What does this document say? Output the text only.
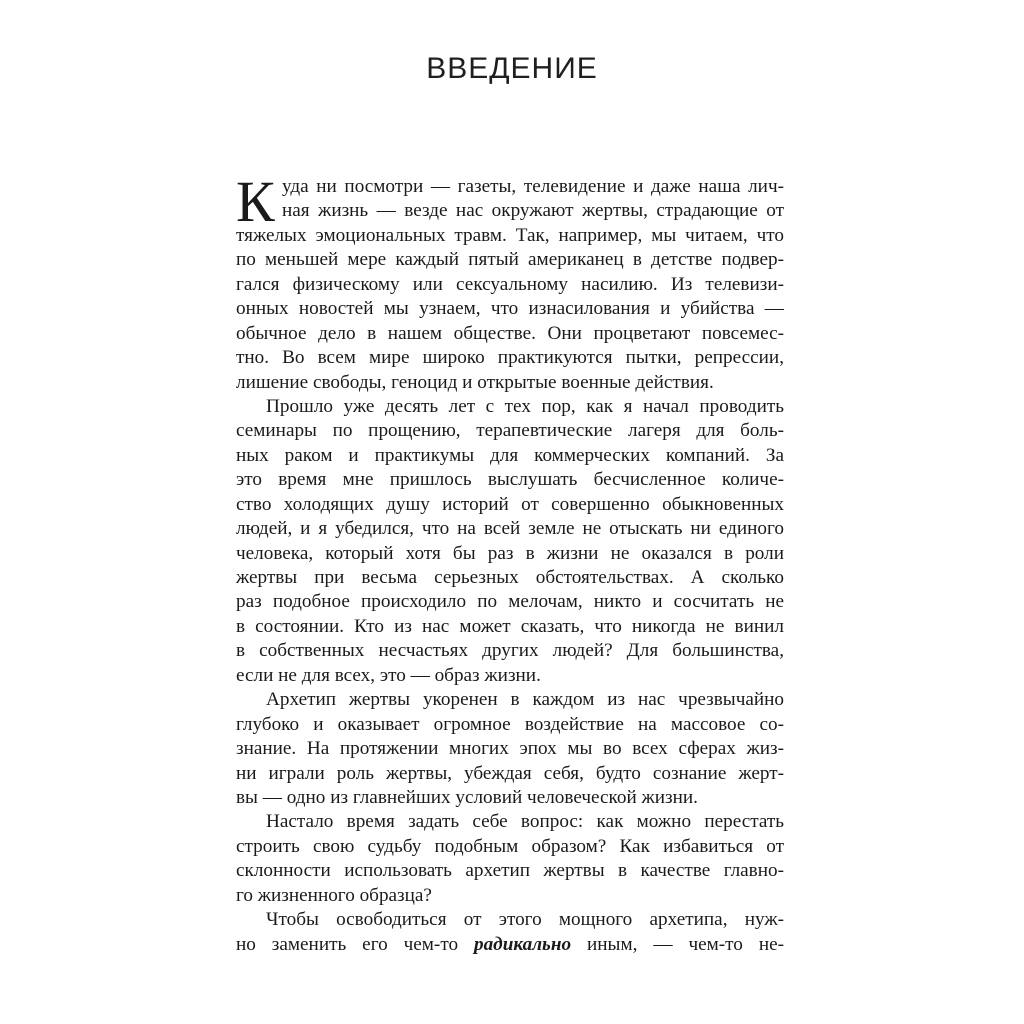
ВВЕДЕНИЕ
К уда ни посмотри — газеты, телевидение и даже наша лич-
ная жизнь — везде нас окружают жертвы, страдающие от
тяжелых эмоциональных травм. Так, например, мы читаем, что
по меньшей мере каждый пятый американец в детстве подвер-
гался физическому или сексуальному насилию. Из телевизи-
онных новостей мы узнаем, что изнасилования и убийства —
обычное дело в нашем обществе. Они процветают повсемес-
тно. Во всем мире широко практикуются пытки, репрессии,
лишение свободы, геноцид и открытые военные действия.
Прошло уже десять лет с тех пор, как я начал проводить
семинары по прощению, терапевтические лагеря для боль-
ных раком и практикумы для коммерческих компаний. За
это время мне пришлось выслушать бесчисленное количе-
ство холодящих душу историй от совершенно обыкновенных
людей, и я убедился, что на всей земле не отыскать ни единого
человека, который хотя бы раз в жизни не оказался в роли
жертвы при весьма серьезных обстоятельствах. А сколько
раз подобное происходило по мелочам, никто и сосчитать не
в состоянии. Кто из нас может сказать, что никогда не винил
в собственных несчастьях других людей? Для большинства,
если не для всех, это — образ жизни.
Архетип жертвы укоренен в каждом из нас чрезвычайно
глубоко и оказывает огромное воздействие на массовое со-
знание. На протяжении многих эпох мы во всех сферах жиз-
ни играли роль жертвы, убеждая себя, будто сознание жерт-
вы — одно из главнейших условий человеческой жизни.
Настало время задать себе вопрос: как можно перестать
строить свою судьбу подобным образом? Как избавиться от
склонности использовать архетип жертвы в качестве главно-
го жизненного образца?
Чтобы освободиться от этого мощного архетипа, нуж-
но заменить его чем-то радикально иным, — чем-то не-
